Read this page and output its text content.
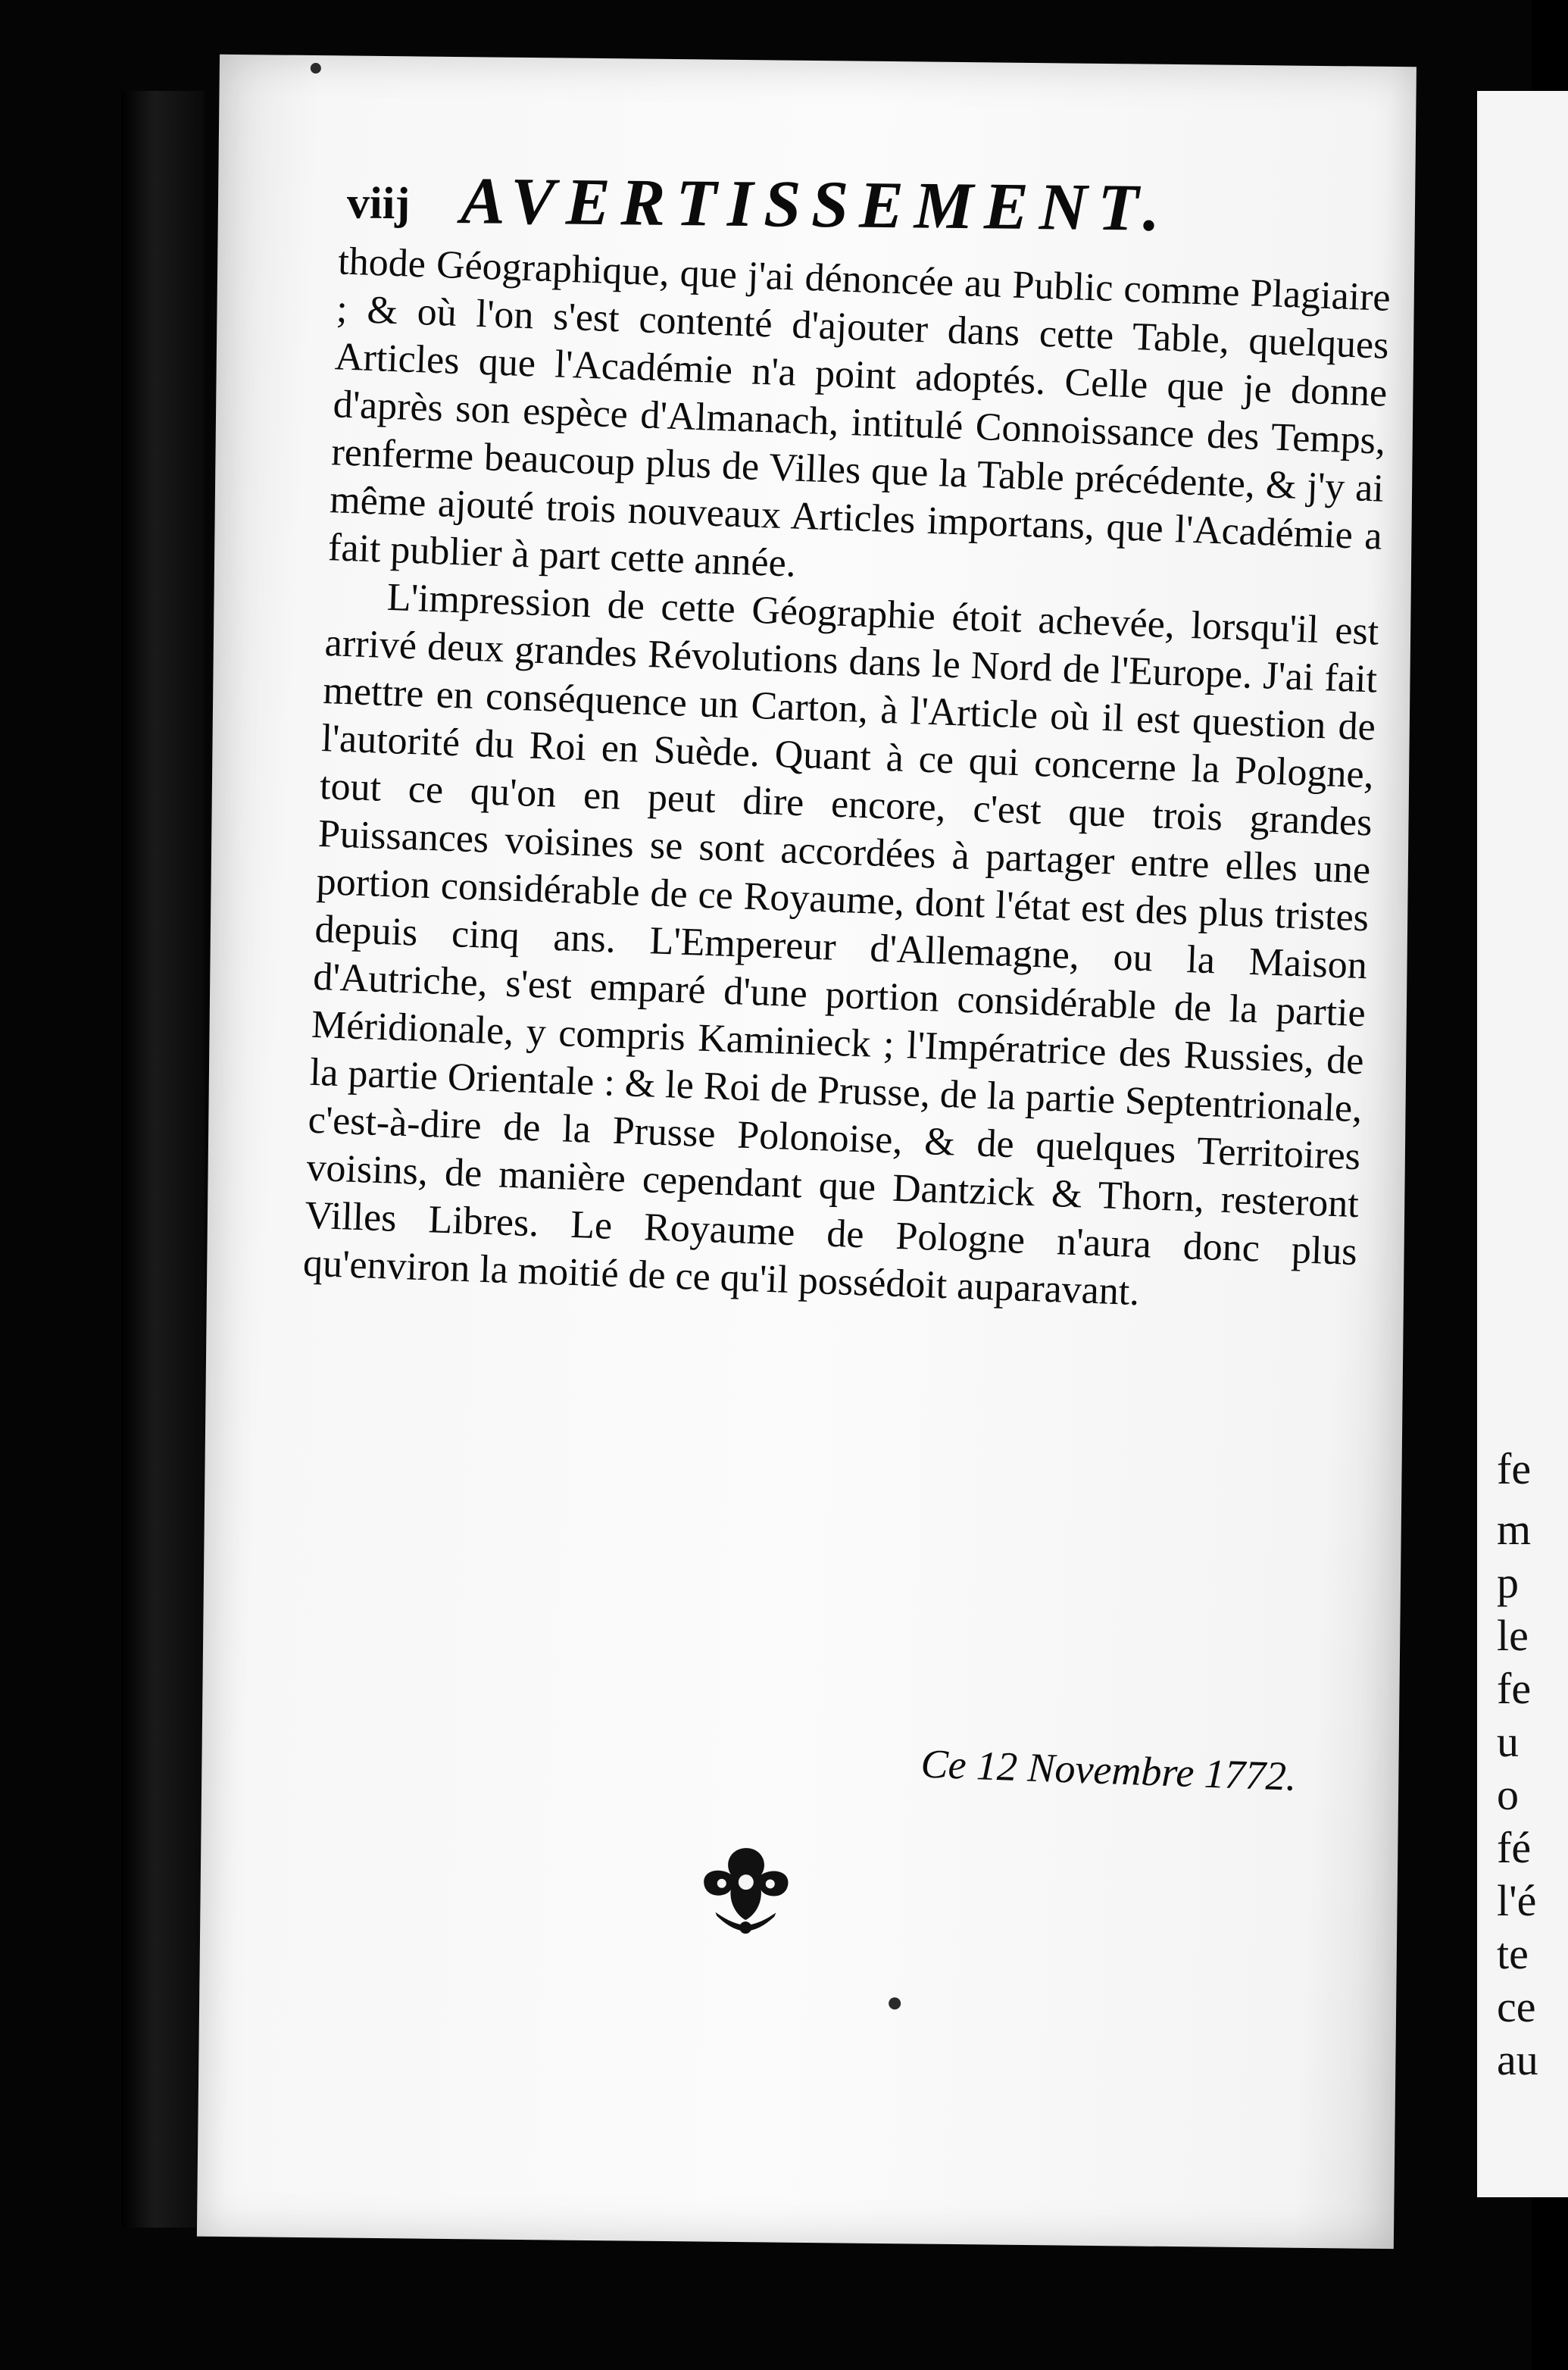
fe
m
p
le
fe
u
o
fé
l'é
te
ce
au
viij AVERTISSEMENT.

thode Géographique, que j'ai dénoncée au Public comme Plagiaire ; & où l'on s'est contenté d'ajouter dans cette Table, quelques Articles que l'Académie n'a point adoptés. Celle que je donne d'après son espèce d'Almanach, intitulé Connoissance des Temps, renferme beaucoup plus de Villes que la Table précédente, & j'y ai même ajouté trois nouveaux Articles importans, que l'Académie a fait publier à part cette année.

L'impression de cette Géographie étoit achevée, lorsqu'il est arrivé deux grandes Révolutions dans le Nord de l'Europe. J'ai fait mettre en conséquence un Carton, à l'Article où il est question de l'autorité du Roi en Suède. Quant à ce qui concerne la Pologne, tout ce qu'on en peut dire encore, c'est que trois grandes Puissances voisines se sont accordées à partager entre elles une portion considérable de ce Royaume, dont l'état est des plus tristes depuis cinq ans. L'Empereur d'Allemagne, ou la Maison d'Autriche, s'est emparé d'une portion considérable de la partie Méridionale, y compris Kaminieck ; l'Impératrice des Russies, de la partie Orientale : & le Roi de Prusse, de la partie Septentrionale, c'est-à-dire de la Prusse Polonoise, & de quelques Territoires voisins, de manière cependant que Dantzick & Thorn, resteront Villes Libres. Le Royaume de Pologne n'aura donc plus qu'environ la moitié de ce qu'il possédoit auparavant.

Ce 12 Novembre 1772.
